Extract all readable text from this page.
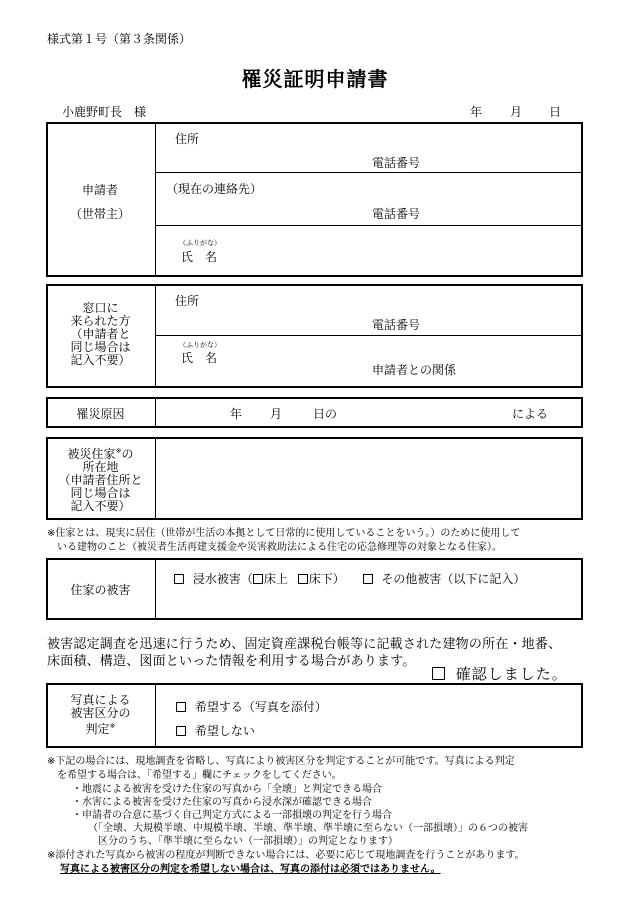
様式第１号（第３条関係）
罹災証明申請書
小鹿野町長　様	年 月 日
申請者
（世帯主）
住所
電話番号
（現在の連絡先）
電話番号
（ふりがな）
氏　名
窓口に
来られた方
（申請者と
同じ場合は
記入不要）
住所
電話番号
（ふりがな）
氏　名
申請者との関係
罹災原因	年 月	日の	による
被災住家※の
所在地
（申請者住所と
同じ場合は
記入不要）
※住家とは、現実に居住（世帯が生活の本拠として日常的に使用していることをいう。）のために使用して
　いる建物のこと（被災者生活再建支援金や災害救助法による住宅の応急修理等の対象となる住家）。
住家の被害
浸水被害（ 床上 床下）	その他被害（以下に記入）
被害認定調査を迅速に行うため、固定資産課税台帳等に記載された建物の所在・地番、
床面積、構造、図面といった情報を利用する場合があります。
確認しました。
写真による
被害区分の
判定※
希望する（写真を添付）
希望しない
※下記の場合には、現地調査を省略し、写真により被害区分を判定することが可能です。写真による判定
　を希望する場合は、「希望する」欄にチェックをしてください。
・地震による被害を受けた住家の写真から「全壊」と判定できる場合
・水害による被害を受けた住家の写真から浸水深が確認できる場合
・申請者の合意に基づく自己判定方式による一部損壊の判定を行う場合
（「全壊、大規模半壊、中規模半壊、半壊、準半壊、準半壊に至らない（一部損壊）」の６つの被害
区分のうち、「準半壊に至らない（一部損壊）」の判定となります）
※添付された写真から被害の程度が判断できない場合には、必要に応じて現地調査を行うことがあります。
写真による被害区分の判定を希望しない場合は、写真の添付は必須ではありません。
